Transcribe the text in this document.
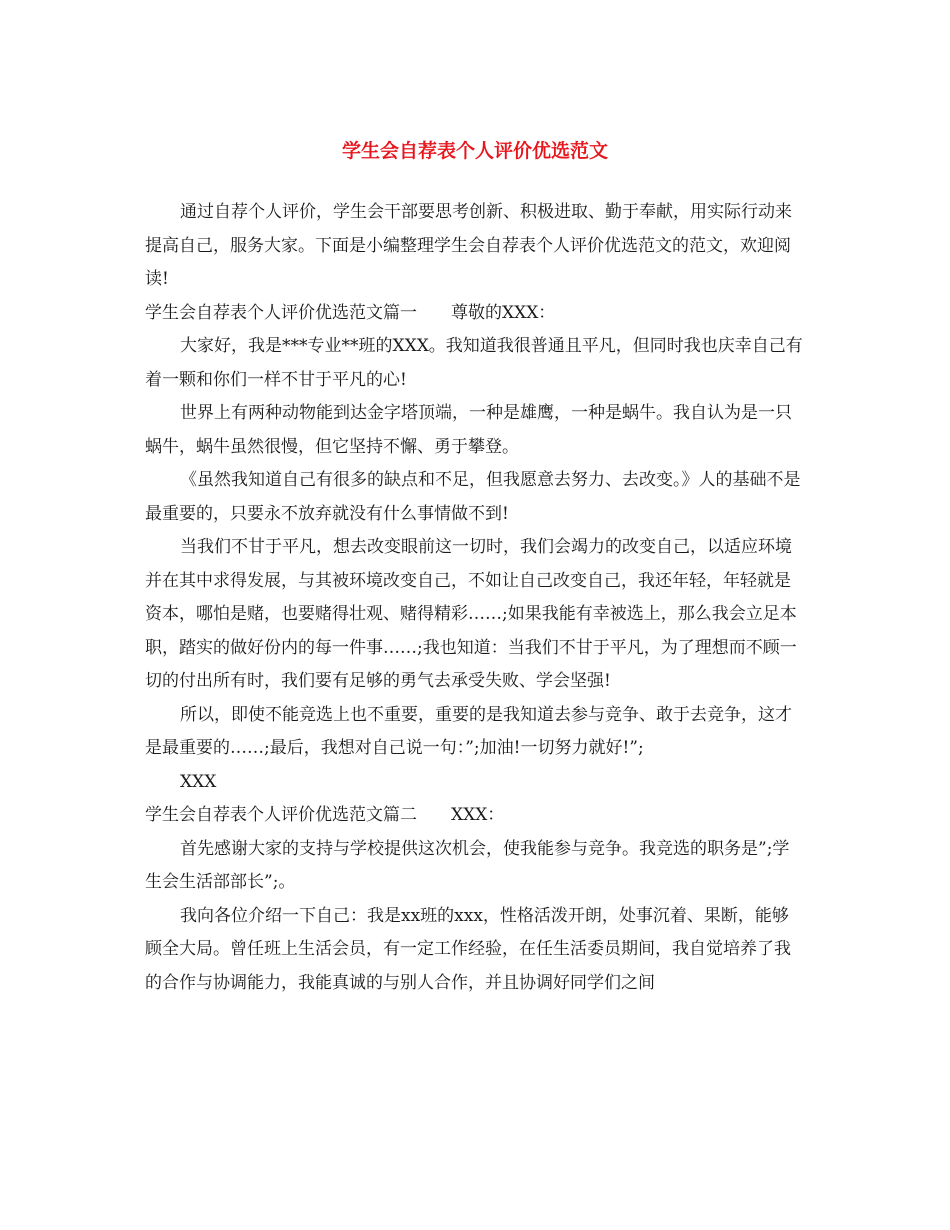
学生会自荐表个人评价优选范文

通过自荐个人评价，学生会干部要思考创新、积极进取、勤于奉献，用实际行动来提高自己，服务大家。下面是小编整理学生会自荐表个人评价优选范文的范文，欢迎阅读!

学生会自荐表个人评价优选范文篇一　　尊敬的XXX：

大家好，我是***专业**班的XXX。我知道我很普通且平凡，但同时我也庆幸自己有着一颗和你们一样不甘于平凡的心!

世界上有两种动物能到达金字塔顶端，一种是雄鹰，一种是蜗牛。我自认为是一只蜗牛，蜗牛虽然很慢，但它坚持不懈、勇于攀登。

《虽然我知道自己有很多的缺点和不足，但我愿意去努力、去改变。》人的基础不是最重要的，只要永不放弃就没有什么事情做不到!

当我们不甘于平凡，想去改变眼前这一切时，我们会竭力的改变自己，以适应环境并在其中求得发展，与其被环境改变自己，不如让自己改变自己，我还年轻，年轻就是资本，哪怕是赌，也要赌得壮观、赌得精彩……;如果我能有幸被选上，那么我会立足本职，踏实的做好份内的每一件事……;我也知道：当我们不甘于平凡，为了理想而不顾一切的付出所有时，我们要有足够的勇气去承受失败、学会坚强!

所以，即使不能竞选上也不重要，重要的是我知道去参与竞争、敢于去竞争，这才是最重要的……;最后，我想对自己说一句：”;加油!一切努力就好!”;

XXX

学生会自荐表个人评价优选范文篇二　　XXX：

首先感谢大家的支持与学校提供这次机会，使我能参与竞争。我竞选的职务是”;学生会生活部部长”;。

我向各位介绍一下自己：我是xx班的xxx，性格活泼开朗，处事沉着、果断，能够顾全大局。曾任班上生活会员，有一定工作经验，在任生活委员期间，我自觉培养了我的合作与协调能力，我能真诚的与别人合作，并且协调好同学们之间
